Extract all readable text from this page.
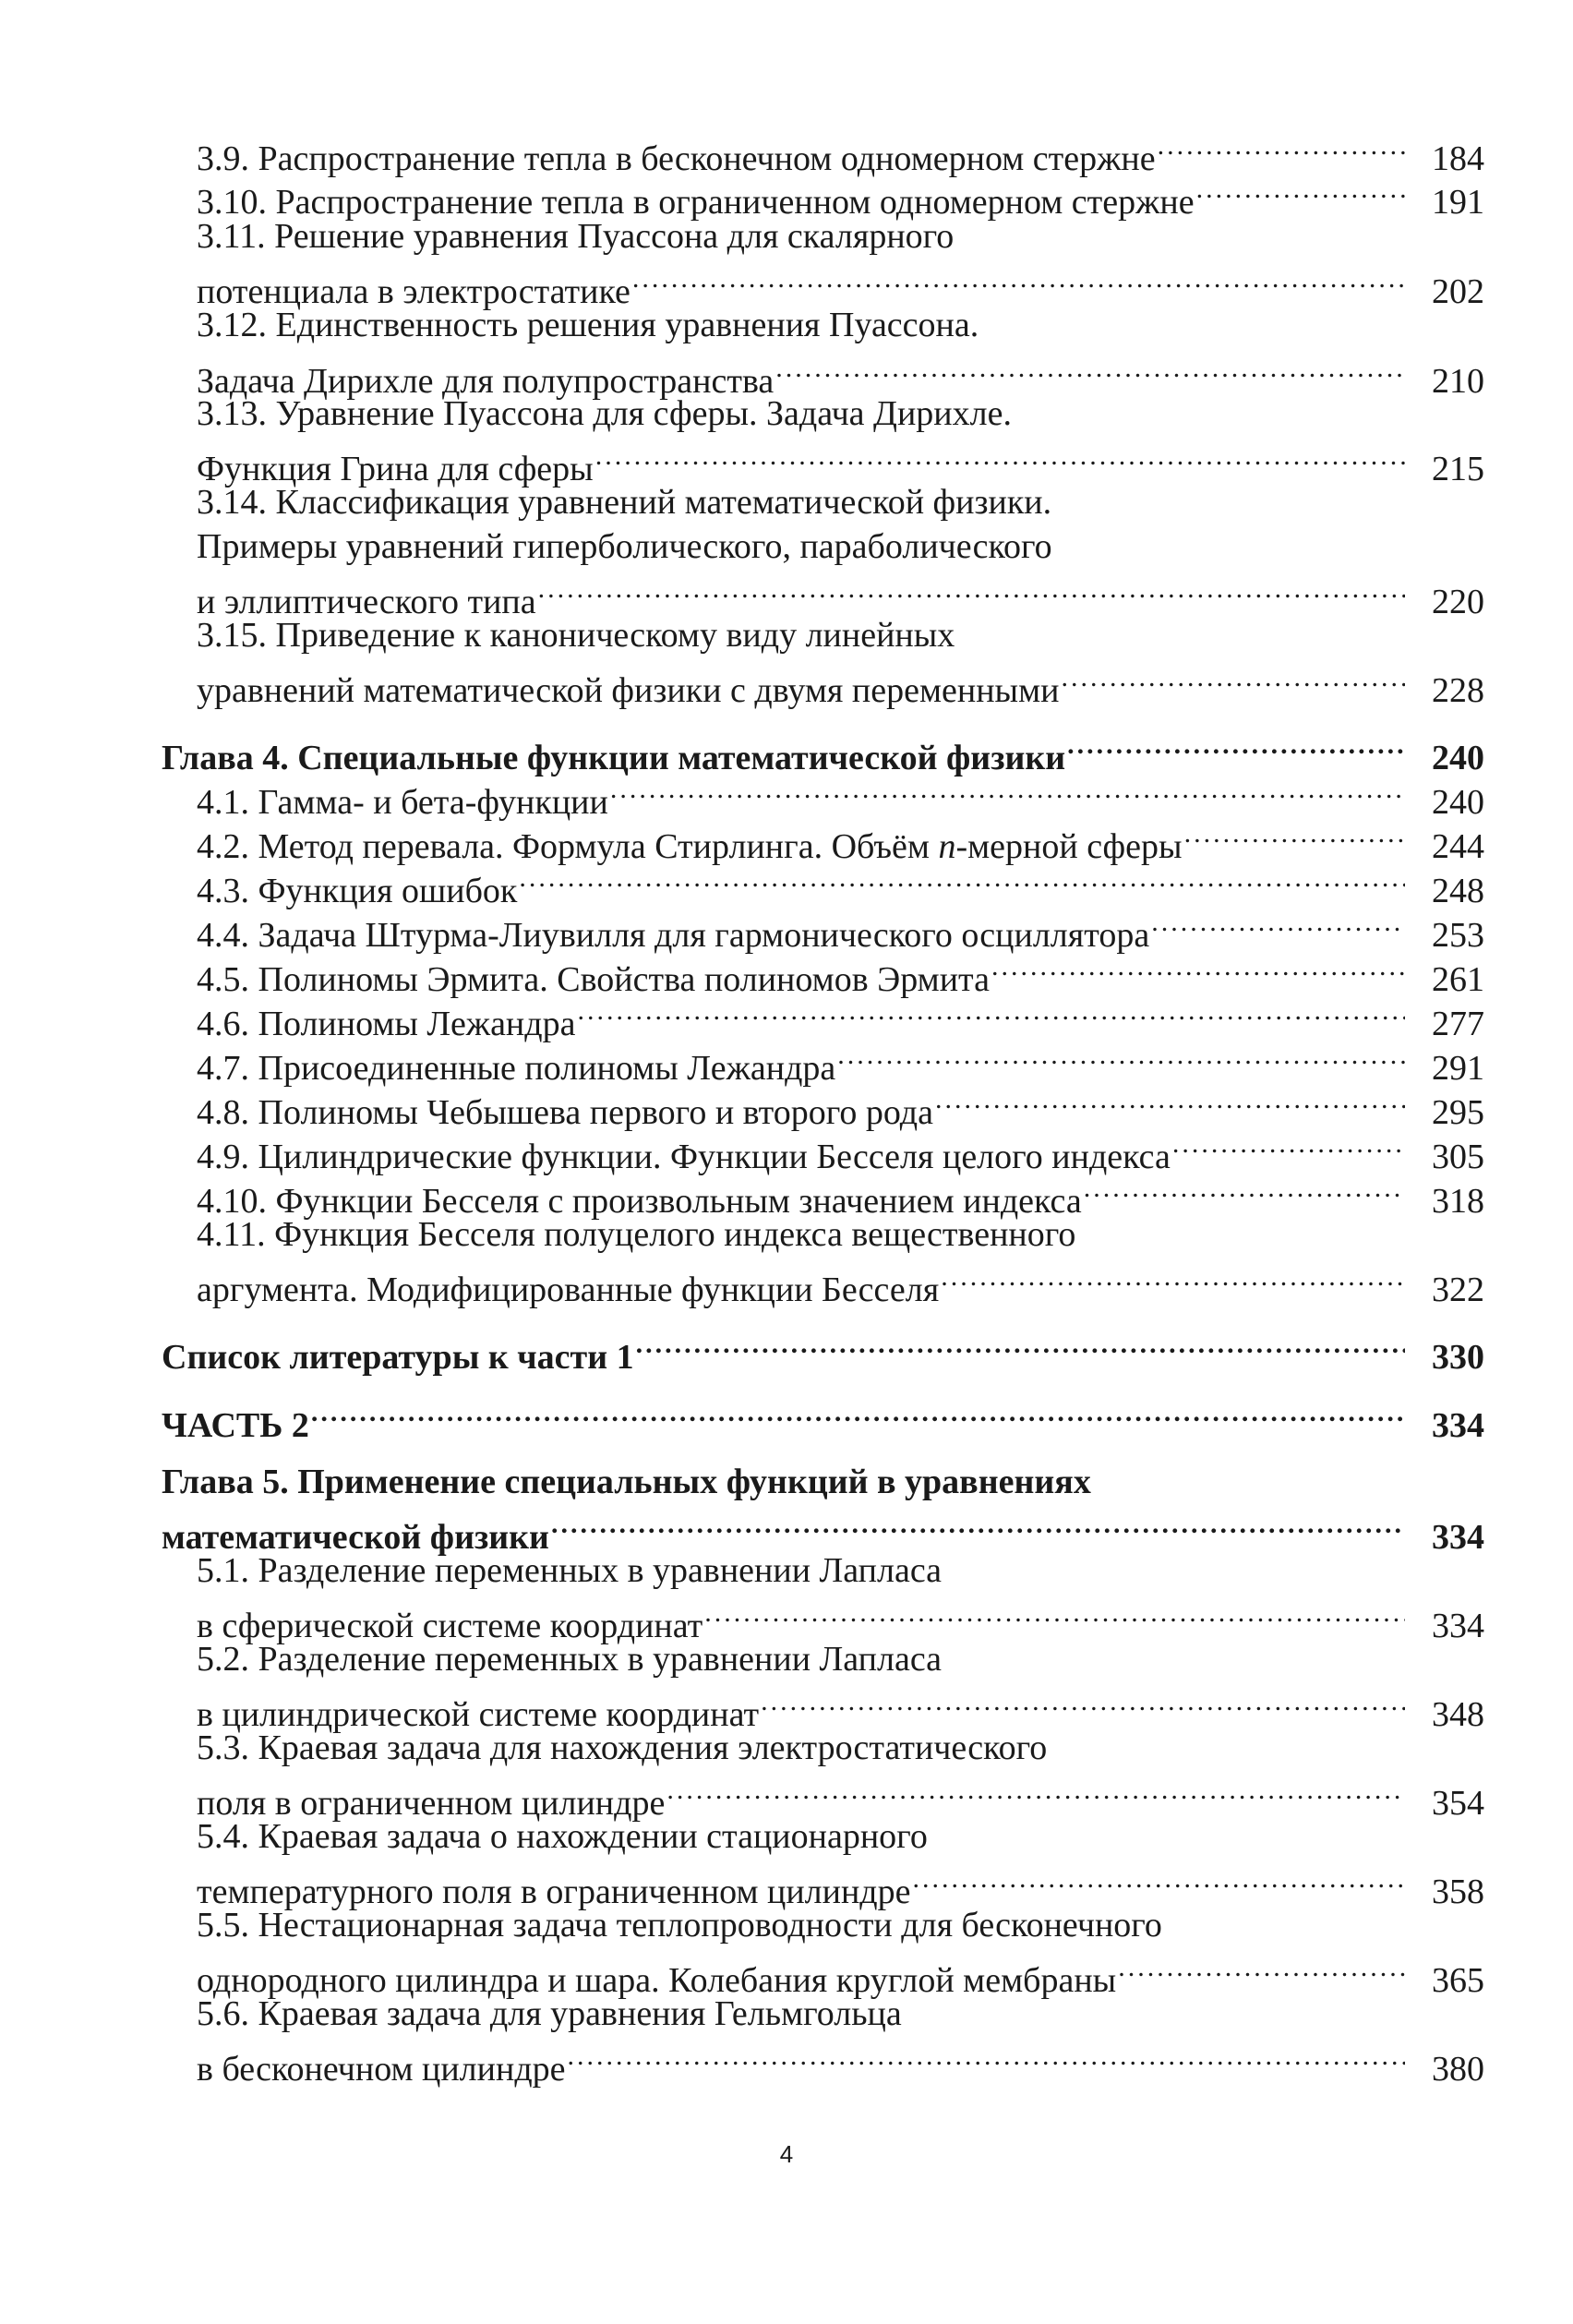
3.9. Распространение тепла в бесконечном одномерном стержне .....	184
3.10. Распространение тепла в ограниченном одномерном стержне .....	191
3.11. Решение уравнения Пуассона для скалярного
потенциала в электростатике .....	202
3.12. Единственность решения уравнения Пуассона.
Задача Дирихле для полупространства .....	210
3.13. Уравнение Пуассона для сферы. Задача Дирихле.
Функция Грина для сферы .....	215
3.14. Классификация уравнений математической физики.
Примеры уравнений гиперболического, параболического
и эллиптического типа .....	220
3.15. Приведение к каноническому виду линейных
уравнений математической физики с двумя переменными .....	228
Глава 4. Специальные функции математической физики .....	240
4.1. Гамма- и бета-функции .....	240
4.2. Метод перевала. Формула Стирлинга. Объём n-мерной сферы .....	244
4.3. Функция ошибок .....	248
4.4. Задача Штурма-Лиувилля для гармонического осциллятора .....	253
4.5. Полиномы Эрмита. Свойства полиномов Эрмита .....	261
4.6. Полиномы Лежандра .....	277
4.7. Присоединенные полиномы Лежандра .....	291
4.8. Полиномы Чебышева первого и второго рода .....	295
4.9. Цилиндрические функции. Функции Бесселя целого индекса .....	305
4.10. Функции Бесселя с произвольным значением индекса .....	318
4.11. Функция Бесселя полуцелого индекса вещественного
аргумента. Модифицированные функции Бесселя .....	322
Список литературы к части 1 .....	330
ЧАСТЬ 2 .....	334
Глава 5. Применение специальных функций в уравнениях
математической физики .....	334
5.1. Разделение переменных в уравнении Лапласа
в сферической системе координат .....	334
5.2. Разделение переменных в уравнении Лапласа
в цилиндрической системе координат .....	348
5.3. Краевая задача для нахождения электростатического
поля в ограниченном цилиндре .....	354
5.4. Краевая задача о нахождении стационарного
температурного поля в ограниченном цилиндре .....	358
5.5. Нестационарная задача теплопроводности для бесконечного
однородного цилиндра и шара. Колебания круглой мембраны .....	365
5.6. Краевая задача для уравнения Гельмгольца
в бесконечном цилиндре .....	380
4
